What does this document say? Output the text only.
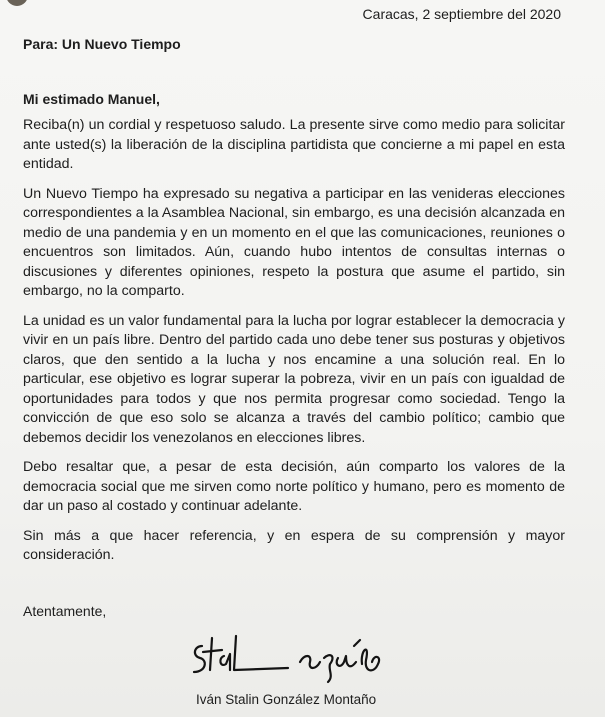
Caracas, 2 septiembre del 2020
Para: Un Nuevo Tiempo
Mi estimado Manuel,

Reciba(n) un cordial y respetuoso saludo. La presente sirve como medio para solicitar ante usted(s) la liberación de la disciplina partidista que concierne a mi papel en esta entidad.

Un Nuevo Tiempo ha expresado su negativa a participar en las venideras elecciones correspondientes a la Asamblea Nacional, sin embargo, es una decisión alcanzada en medio de una pandemia y en un momento en el que las comunicaciones, reuniones o encuentros son limitados. Aún, cuando hubo intentos de consultas internas o discusiones y diferentes opiniones, respeto la postura que asume el partido, sin embargo, no la comparto.

La unidad es un valor fundamental para la lucha por lograr establecer la democracia y vivir en un país libre. Dentro del partido cada uno debe tener sus posturas y objetivos claros, que den sentido a la lucha y nos encamine a una solución real. En lo particular, ese objetivo es lograr superar la pobreza, vivir en un país con igualdad de oportunidades para todos y que nos permita progresar como sociedad. Tengo la convicción de que eso solo se alcanza a través del cambio político; cambio que debemos decidir los venezolanos en elecciones libres.

Debo resaltar que, a pesar de esta decisión, aún comparto los valores de la democracia social que me sirven como norte político y humano, pero es momento de dar un paso al costado y continuar adelante.

Sin más a que hacer referencia, y en espera de su comprensión y mayor consideración.

Atentamente,
Iván Stalin González Montaño
